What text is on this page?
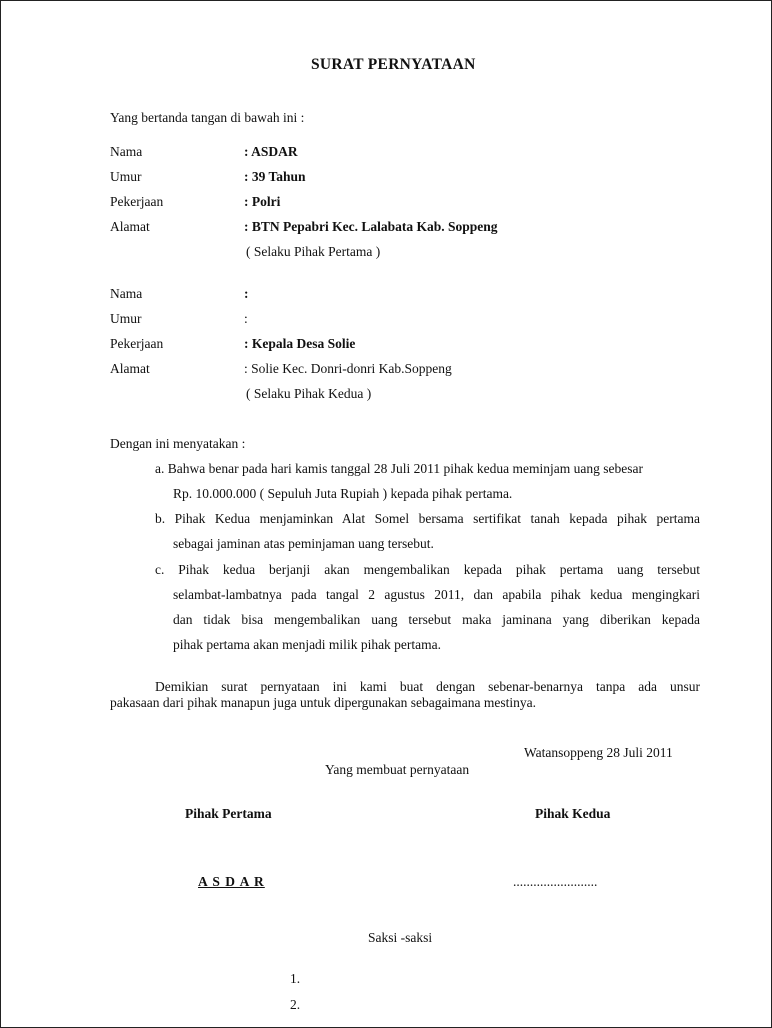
SURAT PERNYATAAN
Yang bertanda tangan di bawah ini :
Nama	: ASDAR
Umur	: 39 Tahun
Pekerjaan	: Polri
Alamat	: BTN Pepabri Kec. Lalabata Kab. Soppeng
( Selaku Pihak Pertama )
Nama	:
Umur	:
Pekerjaan	: Kepala Desa Solie
Alamat	: Solie Kec. Donri-donri Kab.Soppeng
( Selaku Pihak Kedua )
Dengan ini menyatakan :
a. Bahwa benar pada hari kamis tanggal 28 Juli 2011 pihak kedua meminjam uang sebesar
Rp. 10.000.000 ( Sepuluh Juta Rupiah ) kepada pihak pertama.
b. Pihak Kedua menjaminkan Alat Somel bersama sertifikat tanah kepada pihak pertama
sebagai jaminan atas peminjaman uang tersebut.
c. Pihak kedua berjanji akan mengembalikan kepada pihak pertama uang tersebut
selambat-lambatnya pada tangal 2 agustus 2011, dan apabila pihak kedua mengingkari
dan tidak bisa mengembalikan uang tersebut maka jaminana yang diberikan kepada
pihak pertama akan menjadi milik pihak pertama.
Demikian surat pernyataan ini kami buat dengan sebenar-benarnya tanpa ada unsur
pakasaan dari pihak manapun juga untuk dipergunakan sebagaimana mestinya.
Watansoppeng 28 Juli 2011
Yang membuat pernyataan
Pihak Pertama	Pihak Kedua
A S D A R	.........................
Saksi -saksi
1.
2.
